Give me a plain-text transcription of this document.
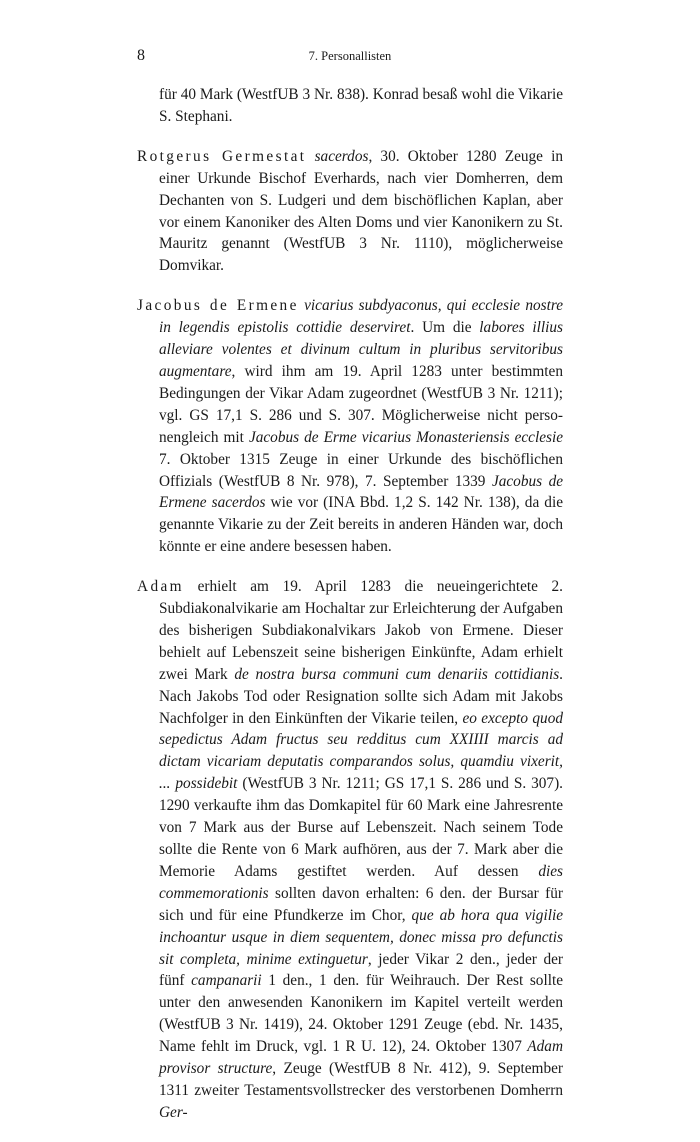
8	7. Personallisten

für 40 Mark (WestfUB 3 Nr. 838). Konrad besaß wohl die Vikarie S. Stephani.

Rotgerus Germestat sacerdos, 30. Oktober 1280 Zeuge in einer Urkunde Bischof Everhards, nach vier Domherren, dem Dechanten von S. Ludgeri und dem bischöflichen Kaplan, aber vor einem Kanoniker des Alten Doms und vier Kanonikern zu St. Mauritz genannt (WestfUB 3 Nr. 1110), möglicherweise Domvikar.

Jacobus de Ermene vicarius subdyaconus, qui ecclesie nostre in legendis epistolis cottidie deserviret. Um die labores illius alleviare volentes et divinum cultum in pluribus servitoribus augmentare, wird ihm am 19. April 1283 unter bestimmten Bedingungen der Vikar Adam zugeordnet (WestfUB 3 Nr. 1211); vgl. GS 17,1 S. 286 und S. 307. Möglicherweise nicht personengleich mit Jacobus de Erme vicarius Monasteriensis ecclesie 7. Oktober 1315 Zeuge in einer Urkunde des bischöflichen Offizials (WestfUB 8 Nr. 978), 7. September 1339 Jacobus de Ermene sacerdos wie vor (INA Bbd. 1,2 S. 142 Nr. 138), da die genannte Vikarie zu der Zeit bereits in anderen Händen war, doch könnte er eine andere besessen haben.

Adam erhielt am 19. April 1283 die neueingerichtete 2. Subdiakonalvikarie am Hochaltar zur Erleichterung der Aufgaben des bisherigen Subdiakonalvikars Jakob von Ermene. Dieser behielt auf Lebenszeit seine bisherigen Einkünfte, Adam erhielt zwei Mark de nostra bursa communi cum denariis cottidianis. Nach Jakobs Tod oder Resignation sollte sich Adam mit Jakobs Nachfolger in den Einkünften der Vikarie teilen, eo excepto quod sepedictus Adam fructus seu redditus cum XXIIII marcis ad dictam vicariam deputatis comparandos solus, quamdiu vixerit, ... possidebit (WestfUB 3 Nr. 1211; GS 17,1 S. 286 und S. 307). 1290 verkaufte ihm das Domkapitel für 60 Mark eine Jahresrente von 7 Mark aus der Burse auf Lebenszeit. Nach seinem Tode sollte die Rente von 6 Mark aufhören, aus der 7. Mark aber die Memorie Adams gestiftet werden. Auf dessen dies commemorationis sollten davon erhalten: 6 den. der Bursar für sich und für eine Pfundkerze im Chor, que ab hora qua vigilie inchoantur usque in diem sequentem, donec missa pro defunctis sit completa, minime extinguetur, jeder Vikar 2 den., jeder der fünf campanarii 1 den., 1 den. für Weihrauch. Der Rest sollte unter den anwesenden Kanonikern im Kapitel verteilt werden (WestfUB 3 Nr. 1419), 24. Oktober 1291 Zeuge (ebd. Nr. 1435, Name fehlt im Druck, vgl. 1 R U. 12), 24. Oktober 1307 Adam provisor structure, Zeuge (WestfUB 8 Nr. 412), 9. September 1311 zweiter Testamentsvollstrecker des verstorbenen Domherrn Ger-
